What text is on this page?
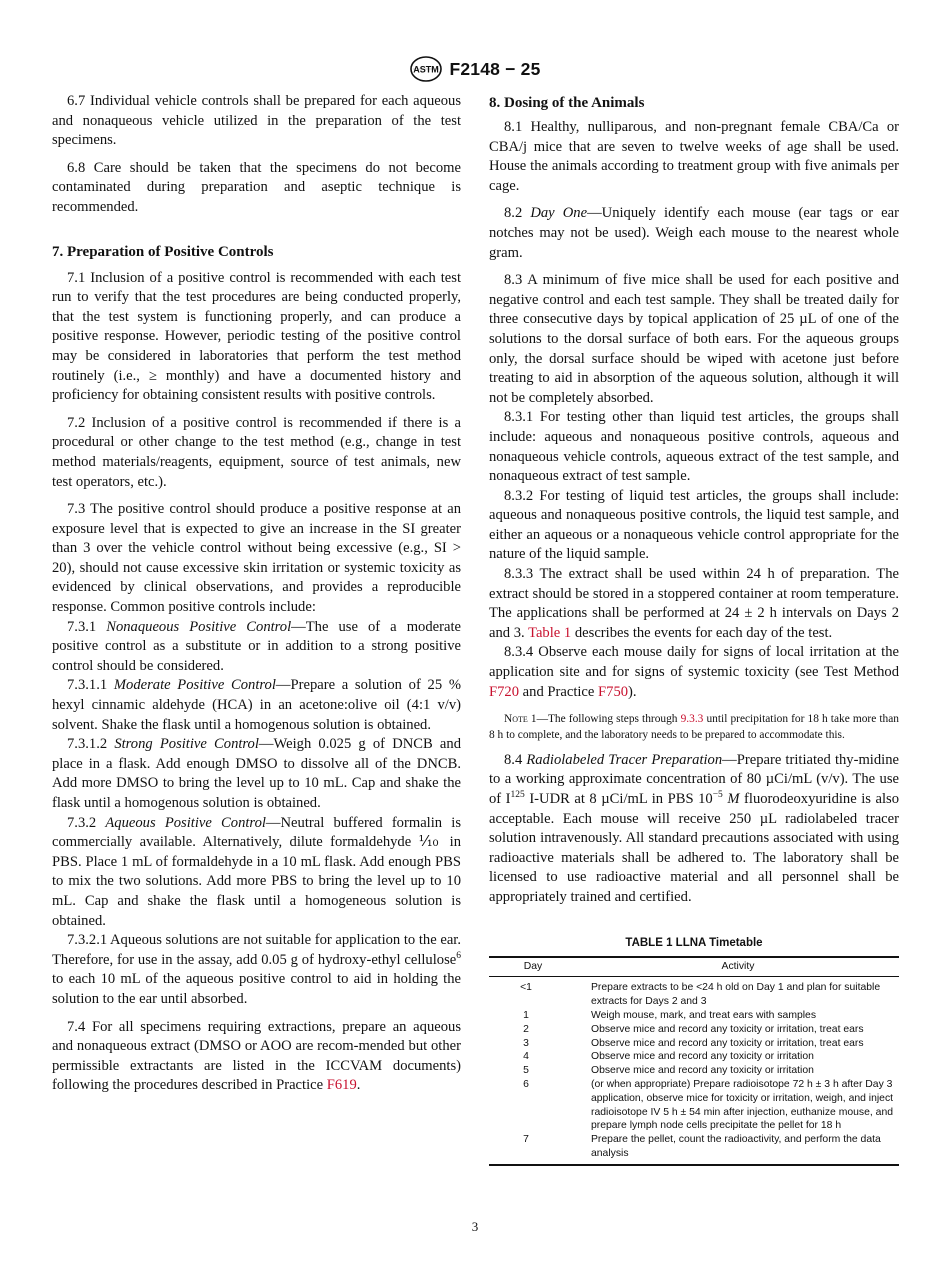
ASTM F2148 − 25

6.7 Individual vehicle controls shall be prepared for each aqueous and nonaqueous vehicle utilized in the preparation of the test specimens.

6.8 Care should be taken that the specimens do not become contaminated during preparation and aseptic technique is recommended.

7. Preparation of Positive Controls

7.1 Inclusion of a positive control is recommended with each test run to verify that the test procedures are being conducted properly, that the test system is functioning properly, and can produce a positive response. However, periodic testing of the positive control may be considered in laboratories that perform the test method routinely (i.e., ≥ monthly) and have a documented history and proficiency for obtaining consistent results with positive controls.

7.2 Inclusion of a positive control is recommended if there is a procedural or other change to the test method (e.g., change in test method materials/reagents, equipment, source of test animals, new test operators, etc.).

7.3 The positive control should produce a positive response at an exposure level that is expected to give an increase in the SI greater than 3 over the vehicle control without being excessive (e.g., SI > 20), should not cause excessive skin irritation or systemic toxicity as evidenced by clinical observations, and provides a reproducible response. Common positive controls include:

7.3.1 Nonaqueous Positive Control—The use of a moderate positive control as a substitute or in addition to a strong positive control should be considered.

7.3.1.1 Moderate Positive Control—Prepare a solution of 25 % hexyl cinnamic aldehyde (HCA) in an acetone:olive oil (4:1 v/v) solvent. Shake the flask until a homogenous solution is obtained.

7.3.1.2 Strong Positive Control—Weigh 0.025 g of DNCB and place in a flask. Add enough DMSO to dissolve all of the DNCB. Add more DMSO to bring the level up to 10 mL. Cap and shake the flask until a homogenous solution is obtained.

7.3.2 Aqueous Positive Control—Neutral buffered formalin is commercially available. Alternatively, dilute formaldehyde ⅒ in PBS. Place 1 mL of formaldehyde in a 10 mL flask. Add enough PBS to mix the two solutions. Add more PBS to bring the level up to 10 mL. Cap and shake the flask until a homogeneous solution is obtained.

7.3.2.1 Aqueous solutions are not suitable for application to the ear. Therefore, for use in the assay, add 0.05 g of hydroxy-ethyl cellulose$^6$ to each 10 mL of the aqueous positive control to aid in holding the solution to the ear until absorbed.

7.4 For all specimens requiring extractions, prepare an aqueous and nonaqueous extract (DMSO or AOO are recom-mended but other permissible extractants are listed in the ICCVAM documents) following the procedures described in Practice F619.

8. Dosing of the Animals

8.1 Healthy, nulliparous, and non-pregnant female CBA/Ca or CBA/j mice that are seven to twelve weeks of age shall be used. House the animals according to treatment group with five animals per cage.

8.2 Day One—Uniquely identify each mouse (ear tags or ear notches may not be used). Weigh each mouse to the nearest whole gram.

8.3 A minimum of five mice shall be used for each positive and negative control and each test sample. They shall be treated daily for three consecutive days by topical application of 25 µL of one of the solutions to the dorsal surface of both ears. For the aqueous groups only, the dorsal surface should be wiped with acetone just before treating to aid in absorption of the aqueous solution, although it will not be completely absorbed.

8.3.1 For testing other than liquid test articles, the groups shall include: aqueous and nonaqueous positive controls, aqueous and nonaqueous vehicle controls, aqueous extract of the test sample, and nonaqueous extract of test sample.

8.3.2 For testing of liquid test articles, the groups shall include: aqueous and nonaqueous positive controls, the liquid test sample, and either an aqueous or a nonaqueous vehicle control appropriate for the nature of the liquid sample.

8.3.3 The extract shall be used within 24 h of preparation. The extract should be stored in a stoppered container at room temperature. The applications shall be performed at 24 ± 2 h intervals on Days 2 and 3. Table 1 describes the events for each day of the test.

8.3.4 Observe each mouse daily for signs of local irritation at the application site and for signs of systemic toxicity (see Test Method F720 and Practice F750).

Note 1—The following steps through 9.3.3 until precipitation for 18 h take more than 8 h to complete, and the laboratory needs to be prepared to accommodate this.

8.4 Radiolabeled Tracer Preparation—Prepare tritiated thy-midine to a working approximate concentration of 80 µCi/mL (v/v). The use of $I^{125}$ I-UDR at 8 µCi/mL in PBS $10^{-5}$ M fluorodeoxyuridine is also acceptable. Each mouse will receive 250 µL radiolabeled tracer solution intravenously. All standard precautions associated with using radioactive materials shall be adhered to. The laboratory shall be licensed to use radioactive material and all personnel shall be appropriately trained and certified.

TABLE 1 LLNA Timetable
Day	Activity
<1	Prepare extracts to be <24 h old on Day 1 and plan for suitable extracts for Days 2 and 3
1	Weigh mouse, mark, and treat ears with samples
2	Observe mice and record any toxicity or irritation, treat ears
3	Observe mice and record any toxicity or irritation, treat ears
4	Observe mice and record any toxicity or irritation
5	Observe mice and record any toxicity or irritation
6	(or when appropriate) Prepare radioisotope 72 h ± 3 h after Day 3 application, observe mice for toxicity or irritation, weigh, and inject radioisotope IV 5 h ± 54 min after injection, euthanize mouse, and prepare lymph node cells precipitate the pellet for 18 h
7	Prepare the pellet, count the radioactivity, and perform the data analysis
3
